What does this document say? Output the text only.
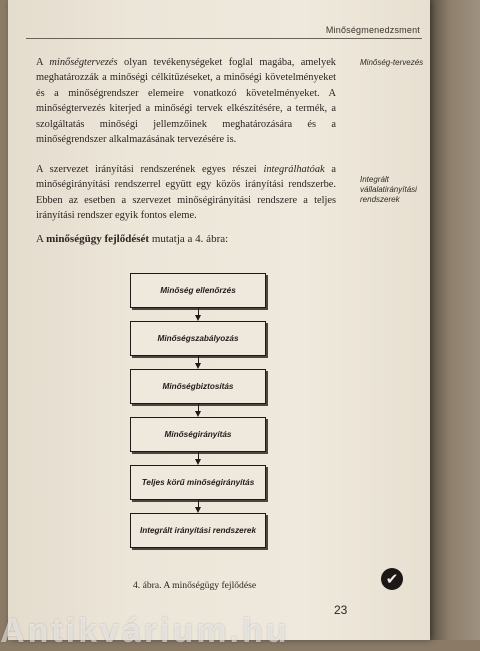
Minőségmenedzsment
A minőségtervezés olyan tevékenységeket foglal magába, amelyek meghatározzák a minőségi célkitűzéseket, a minőségi követelményeket és a minőségrendszer elemeire vonatkozó követelményeket. A minőségtervezés kiterjed a minőségi tervek elkészítésére, a termék, a szolgáltatás minőségi jellemzőinek meghatározására és a minőségrendszer alkalmazásának tervezésére is.
Minőség-tervezés
A szervezet irányítási rendszerének egyes részei integrálhatóak a minőségirányítási rendszerrel együtt egy közös irányítási rendszerbe. Ebben az esetben a szervezet minőségirányítási rendszere a teljes irányítási rendszer egyik fontos eleme.
Integrált vállalatirányítási rendszerek
A minőségügy fejlődését mutatja a 4. ábra:
Minőség ellenőrzés
Minőségszabályozás
Minőségbiztosítás
Minőségirányítás
Teljes körű minőségirányítás
Integrált irányítási rendszerek
4. ábra. A minőségügy fejlődése	✔
23
Antikvárium.hu
